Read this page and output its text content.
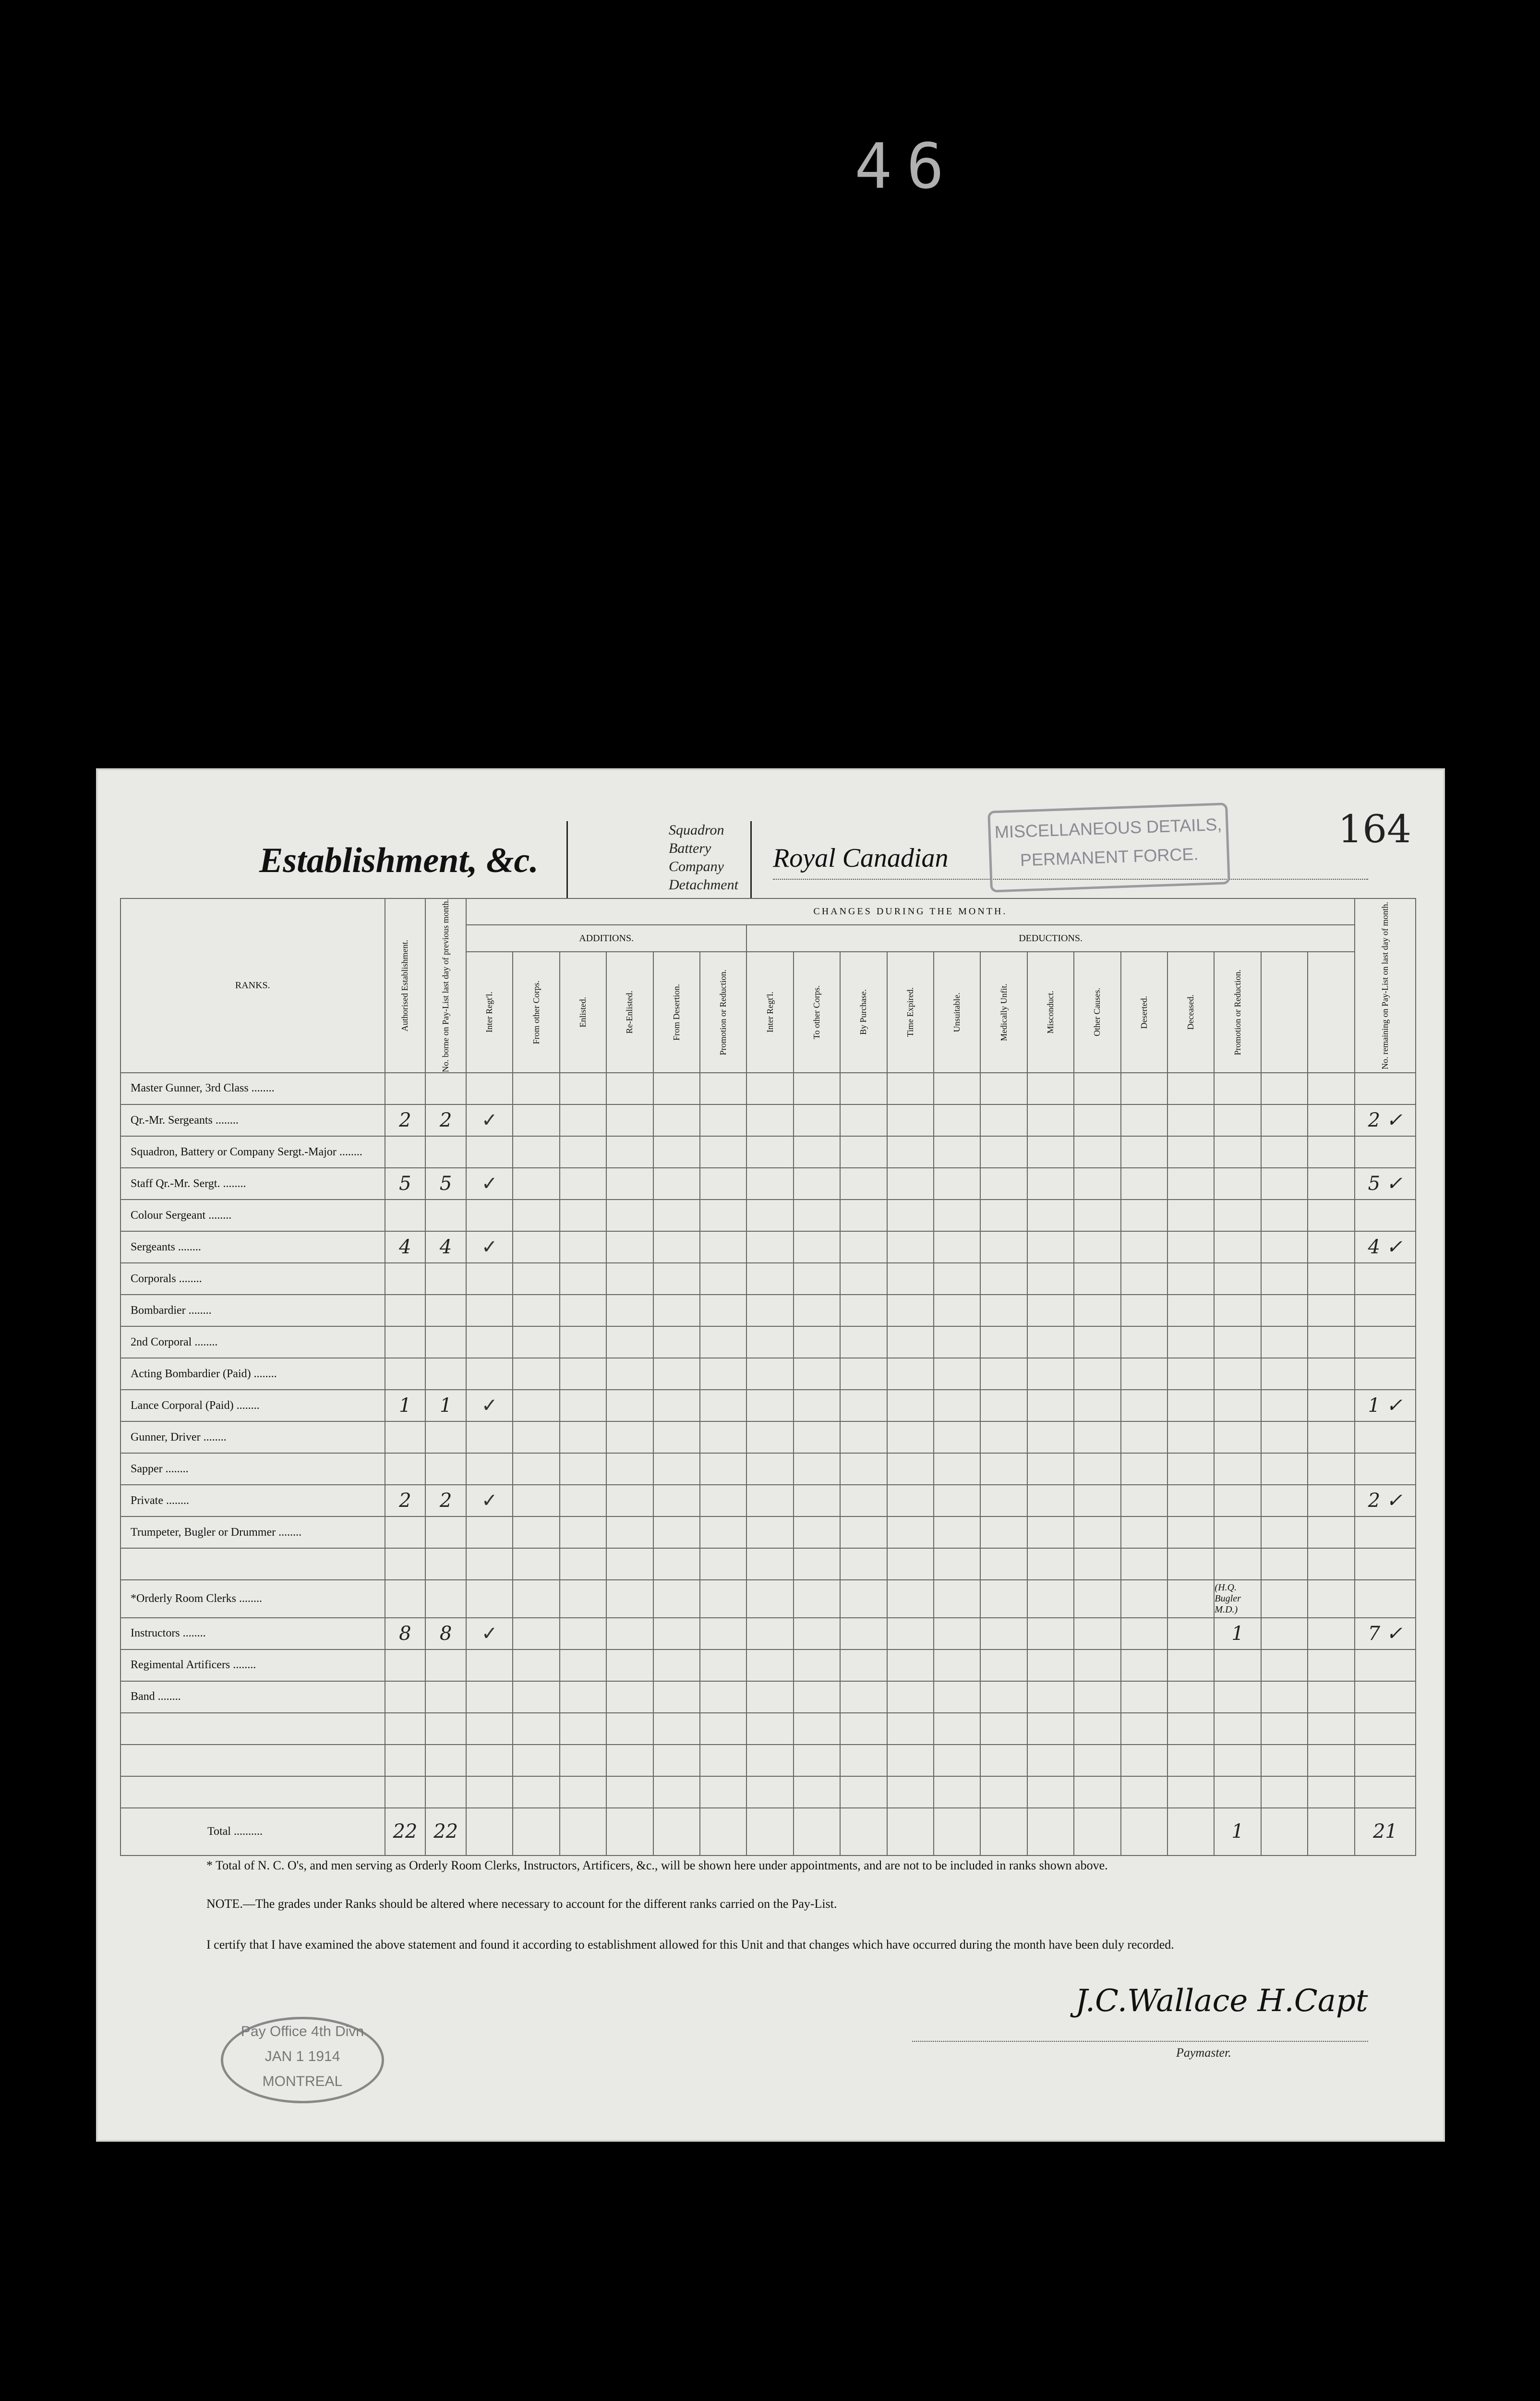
46
164
Establishment, &c.
Squadron
Battery
Company
Detachment
Royal Canadian
MISCELLANEOUS DETAILS, PERMANENT FORCE.
RANKS.	Authorised Establishment.	No. borne on Pay-List last day of previous month.	CHANGES DURING THE MONTH.																			No. remaining on Pay-List on last day of month.

			ADDITIONS.						DEDUCTIONS.													

			Inter Regt'l.	From other Corps.	Enlisted.	Re-Enlisted.	From Desertion.	Promotion or Reduction.	Inter Regt'l.	To other Corps.	By Purchase.	Time Expired.	Unsuitable.	Medically Unfit.	Misconduct.	Other Causes.	Deserted.	Deceased.	Promotion or Reduction.			

Master Gunner, 3rd Class ........																						
Qr.-Mr. Sergeants ........	2	2	✓																			2 ✓
Squadron, Battery or Company Sergt.-Major ........																						
Staff Qr.-Mr. Sergt. ........	5	5	✓																			5 ✓
Colour Sergeant ........																						
Sergeants ........	4	4	✓																			4 ✓
Corporals ........																						
Bombardier ........																						
2nd Corporal ........																						
Acting Bombardier (Paid) ........																						
Lance Corporal (Paid) ........	1	1	✓																			1 ✓
Gunner, Driver ........																						
Sapper ........																						
Private ........	2	2	✓																			2 ✓
Trumpeter, Bugler or Drummer ........																						

*Orderly Room Clerks ........																			(H.Q. Bugler M.D.)			
Instructors ........	8	8	✓																1			7 ✓
Regimental Artificers ........																						
Band ........																						

Total ..........	22	22																	1			21
* Total of N. C. O's, and men serving as Orderly Room Clerks, Instructors, Artificers, &c., will be shown here under appointments, and are not to be included in ranks shown above.
NOTE.—The grades under Ranks should be altered where necessary to account for the different ranks carried on the Pay-List.
I certify that I have examined the above statement and found it according to establishment allowed for this Unit and that changes which have occurred during the month have been duly recorded.
Pay Office 4th Divn
JAN 1 1914
MONTREAL
J.C.Wallace H.Capt
Paymaster.
